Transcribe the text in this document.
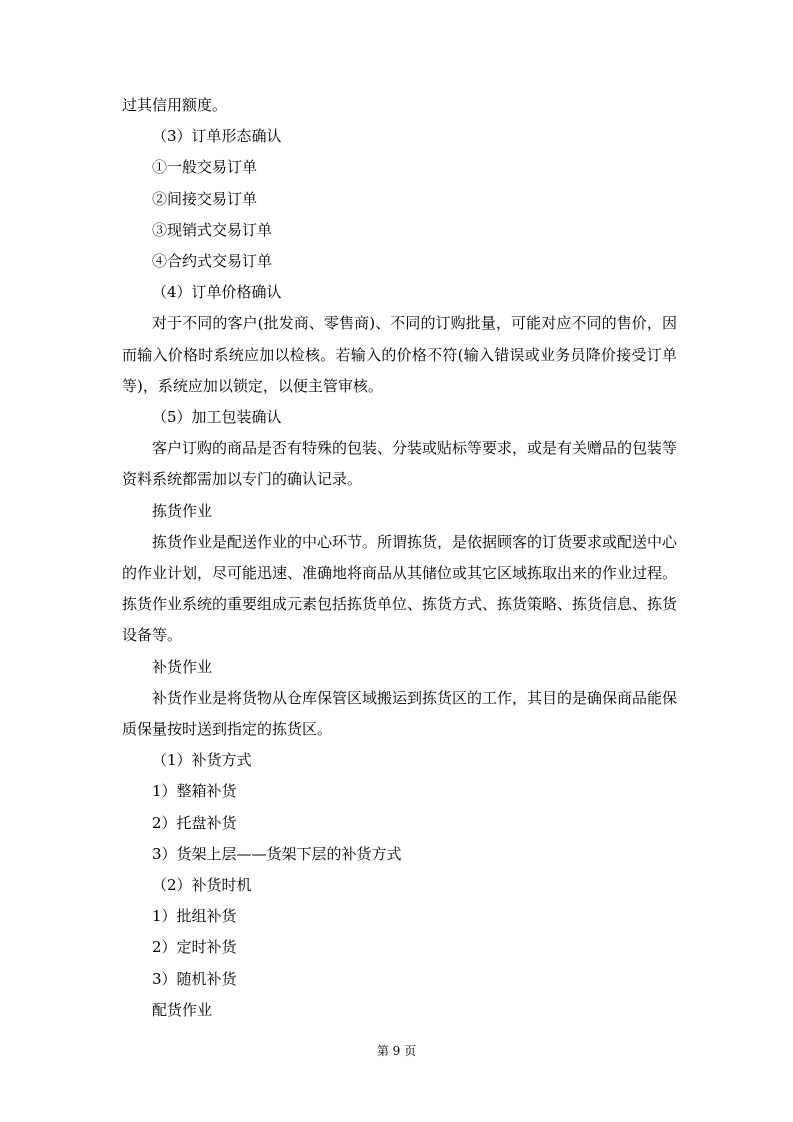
过其信用额度。

（3）订单形态确认

①一般交易订单

②间接交易订单

③现销式交易订单

④合约式交易订单

（4）订单价格确认

对于不同的客户(批发商、零售商)、不同的订购批量，可能对应不同的售价，因而输入价格时系统应加以检核。若输入的价格不符(输入错误或业务员降价接受订单等)，系统应加以锁定，以便主管审核。

（5）加工包装确认

客户订购的商品是否有特殊的包装、分装或贴标等要求，或是有关赠品的包装等资料系统都需加以专门的确认记录。

拣货作业

拣货作业是配送作业的中心环节。所谓拣货，是依据顾客的订货要求或配送中心的作业计划，尽可能迅速、准确地将商品从其储位或其它区域拣取出来的作业过程。拣货作业系统的重要组成元素包括拣货单位、拣货方式、拣货策略、拣货信息、拣货设备等。

补货作业

补货作业是将货物从仓库保管区域搬运到拣货区的工作，其目的是确保商品能保质保量按时送到指定的拣货区。

（1）补货方式

1）整箱补货

2）托盘补货

3）货架上层——货架下层的补货方式

（2）补货时机

1）批组补货

2）定时补货

3）随机补货

配货作业

第 9 页
